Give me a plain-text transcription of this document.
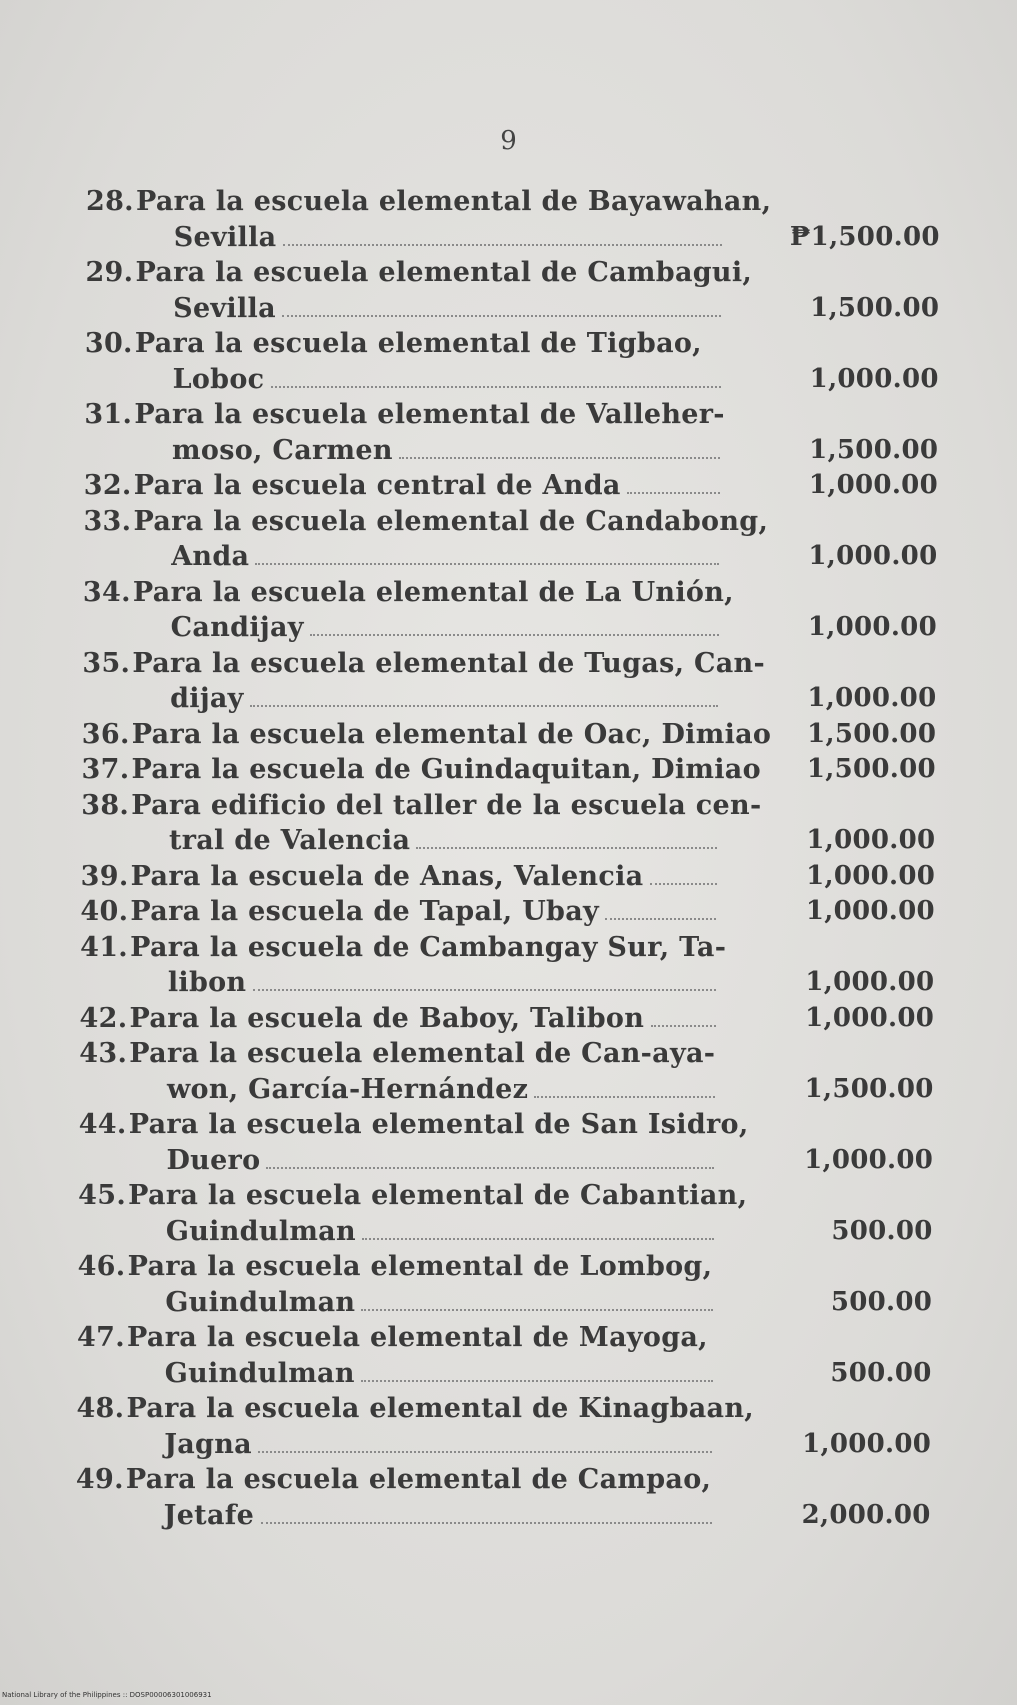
9
28.Para la escuela elemental de Bayawahan,
Sevilla	₱1,500.00
29.Para la escuela elemental de Cambagui,
Sevilla	1,500.00
30.Para la escuela elemental de Tigbao,
Loboc	1,000.00
31.Para la escuela elemental de Valleher-
moso, Carmen	1,500.00
32.Para la escuela central de Anda	1,000.00
33.Para la escuela elemental de Candabong,
Anda	1,000.00
34.Para la escuela elemental de La Unión,
Candijay	1,000.00
35.Para la escuela elemental de Tugas, Can-
dijay	1,000.00
36.Para la escuela elemental de Oac, Dimiao	1,500.00
37.Para la escuela de Guindaquitan, Dimiao	1,500.00
38.Para edificio del taller de la escuela cen-
tral de Valencia	1,000.00
39.Para la escuela de Anas, Valencia	1,000.00
40.Para la escuela de Tapal, Ubay	1,000.00
41.Para la escuela de Cambangay Sur, Ta-
libon	1,000.00
42.Para la escuela de Baboy, Talibon	1,000.00
43.Para la escuela elemental de Can-aya-
won, García-Hernández	1,500.00
44.Para la escuela elemental de San Isidro,
Duero	1,000.00
45.Para la escuela elemental de Cabantian,
Guindulman	500.00
46.Para la escuela elemental de Lombog,
Guindulman	500.00
47.Para la escuela elemental de Mayoga,
Guindulman	500.00
48.Para la escuela elemental de Kinagbaan,
Jagna	1,000.00
49.Para la escuela elemental de Campao,
Jetafe	2,000.00
National Library of the Philippines :: DOSP00006301006931
